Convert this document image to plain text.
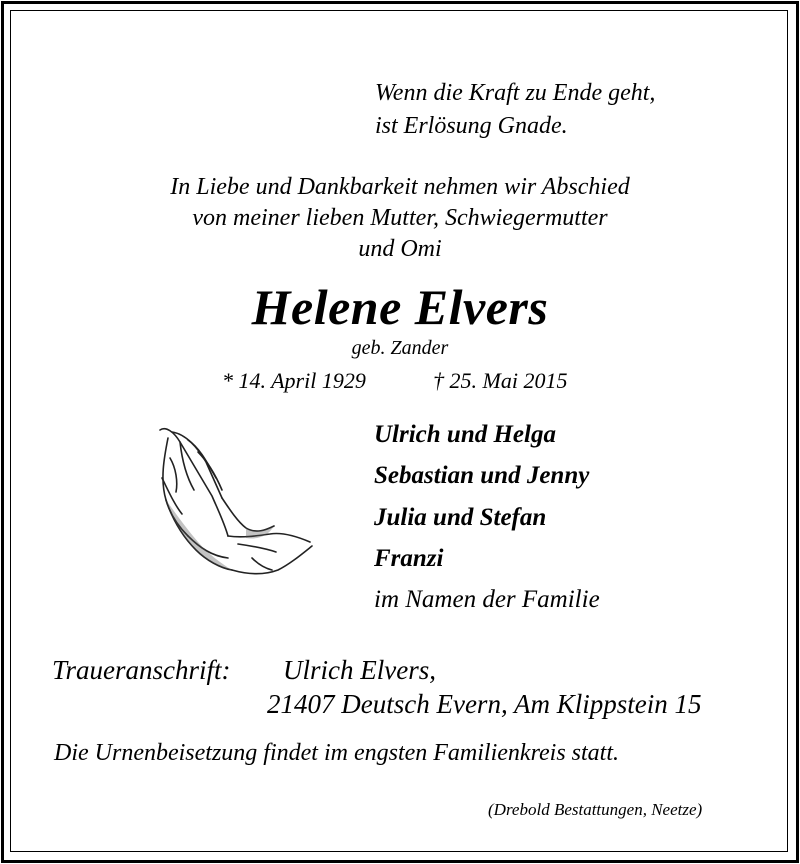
Wenn die Kraft zu Ende geht,
ist Erlösung Gnade.
In Liebe und Dankbarkeit nehmen wir Abschied
von meiner lieben Mutter, Schwiegermutter
und Omi
Helene Elvers
geb. Zander
* 14. April 1929	† 25. Mai 2015
Ulrich und Helga
Sebastian und Jenny
Julia und Stefan
Franzi
im Namen der Familie
Traueranschrift: Ulrich Elvers,
21407 Deutsch Evern, Am Klippstein 15
Die Urnenbeisetzung findet im engsten Familienkreis statt.
(Drebold Bestattungen, Neetze)
